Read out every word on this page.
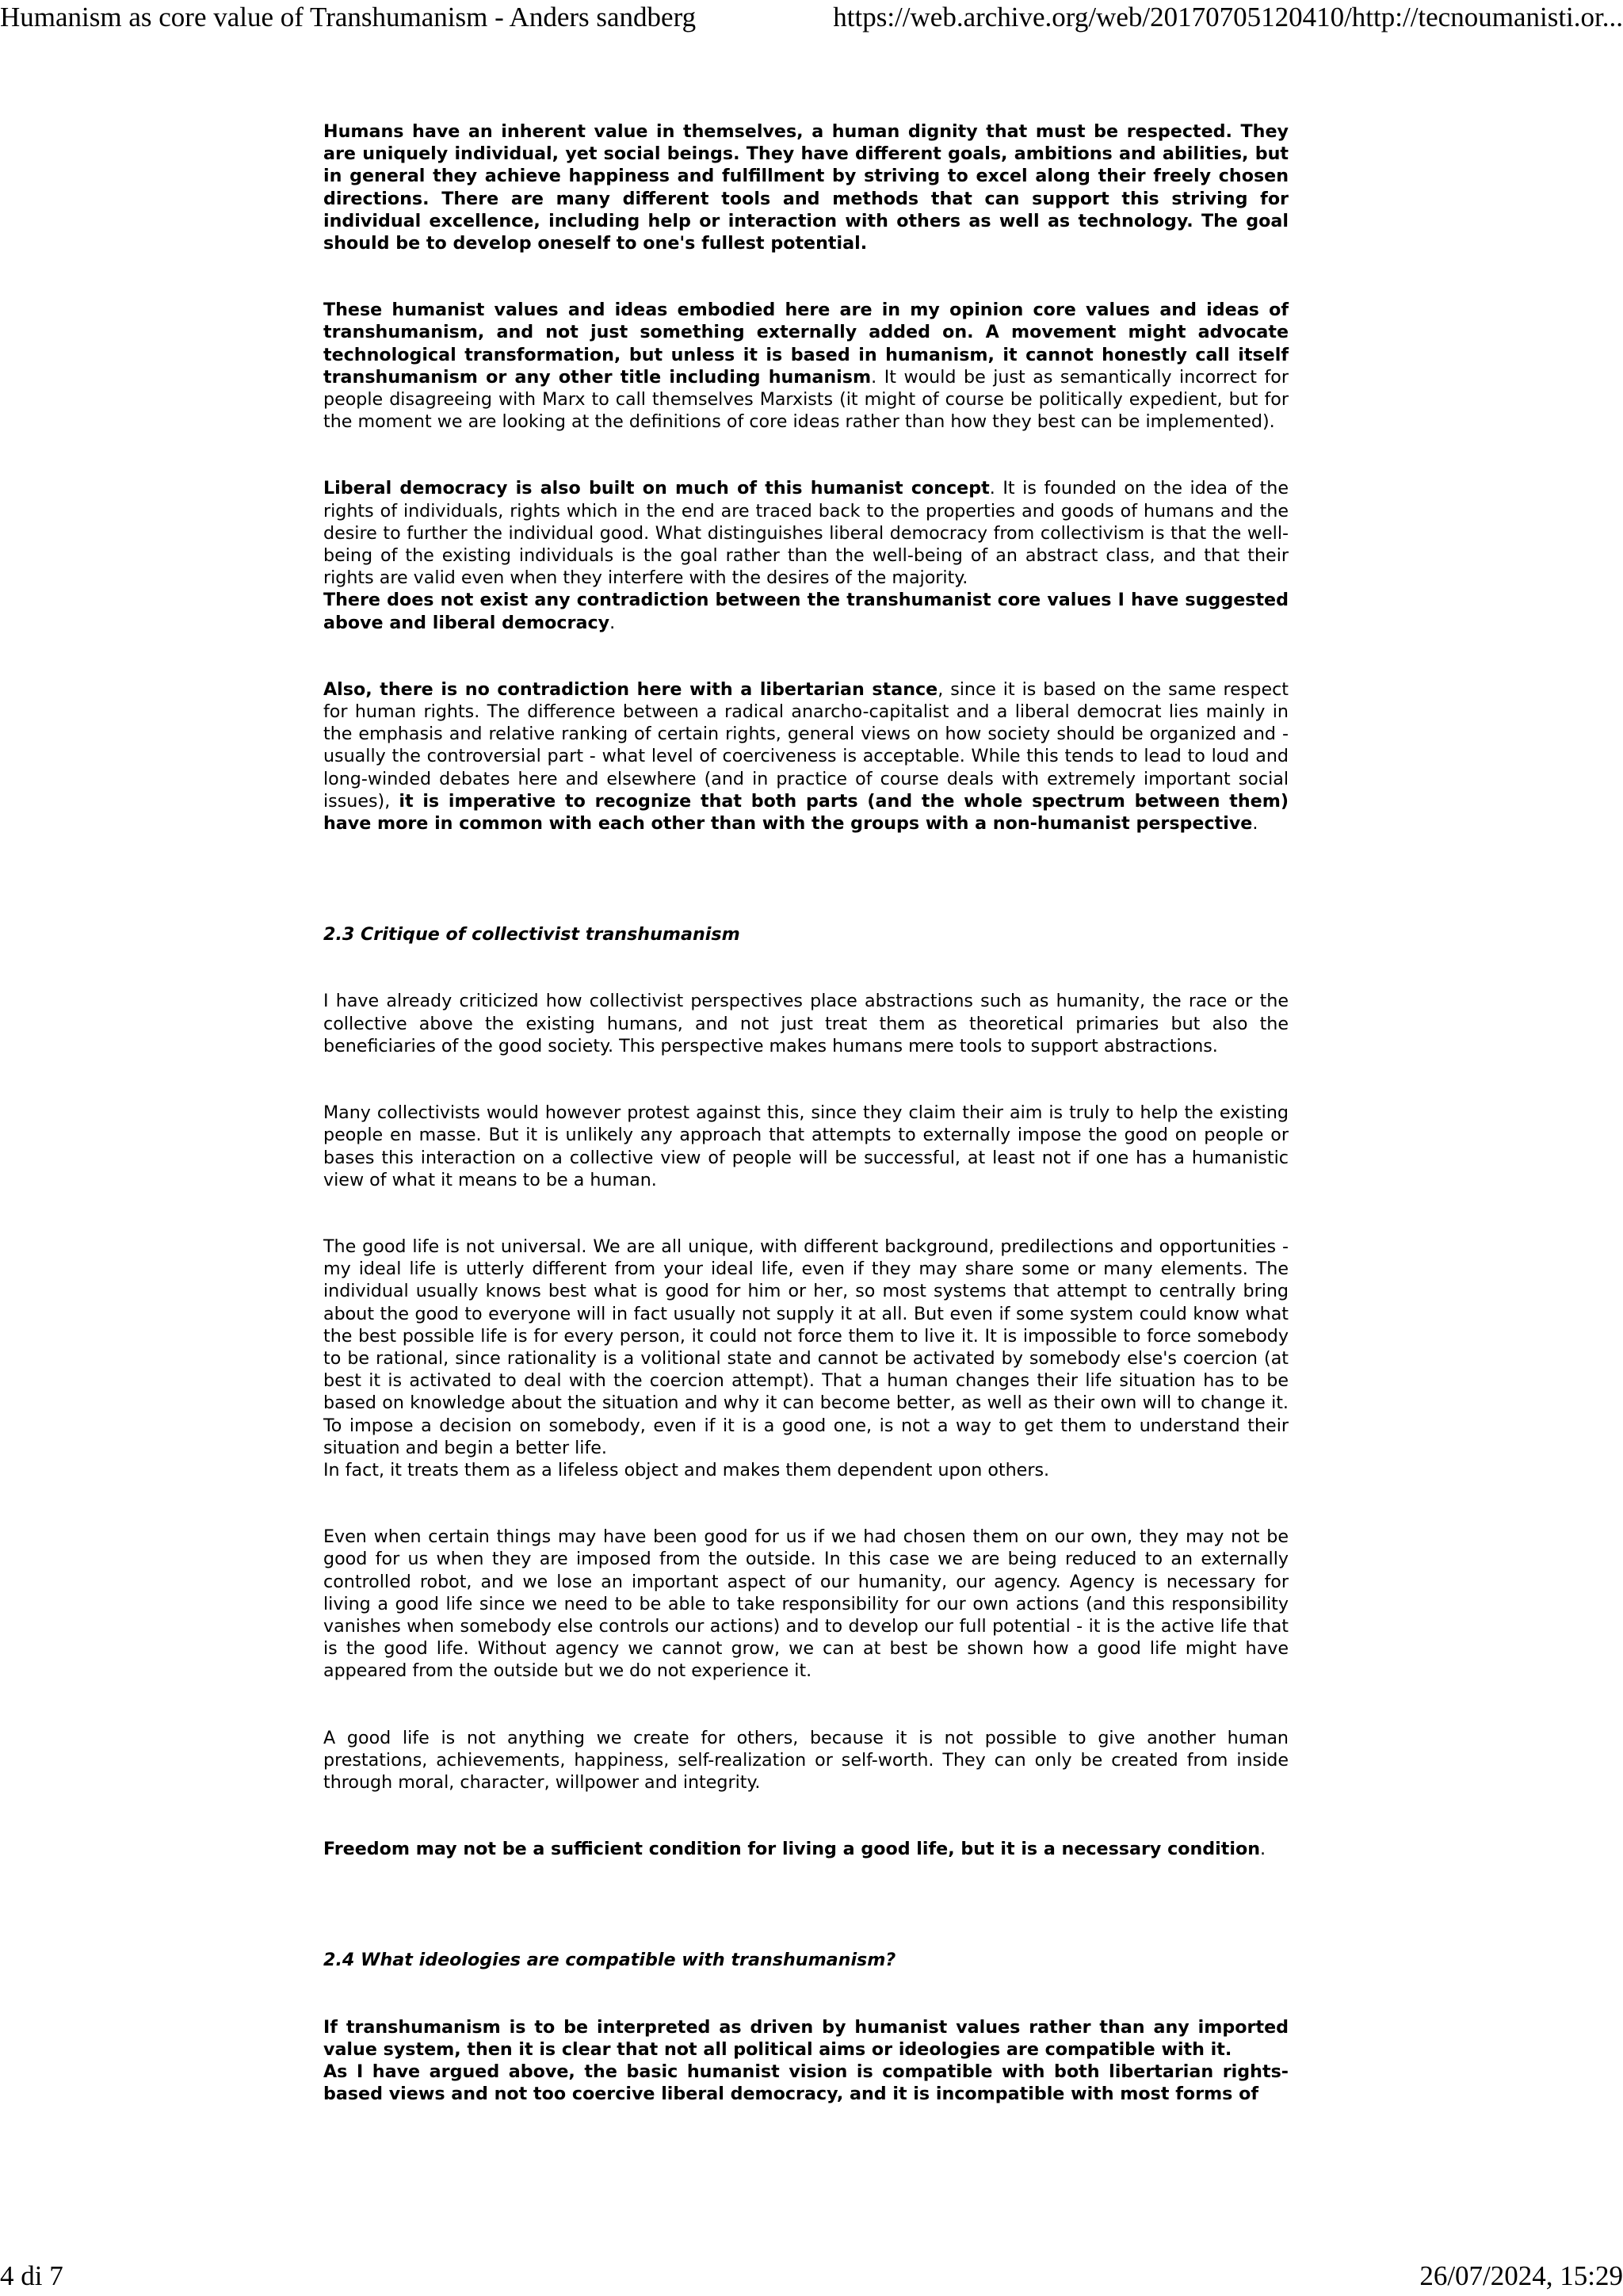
Humanism as core value of Transhumanism - Anders sandberg	https://web.archive.org/web/20170705120410/http://tecnoumanisti.or...

Humans have an inherent value in themselves, a human dignity that must be respected. They are uniquely individual, yet social beings. They have different goals, ambitions and abilities, but in general they achieve happiness and fulfillment by striving to excel along their freely chosen directions. There are many different tools and methods that can support this striving for individual excellence, including help or interaction with others as well as technology. The goal should be to develop oneself to one's fullest potential.

These humanist values and ideas embodied here are in my opinion core values and ideas of transhumanism, and not just something externally added on. A movement might advocate technological transformation, but unless it is based in humanism, it cannot honestly call itself transhumanism or any other title including humanism. It would be just as semantically incorrect for people disagreeing with Marx to call themselves Marxists (it might of course be politically expedient, but for the moment we are looking at the definitions of core ideas rather than how they best can be implemented).

Liberal democracy is also built on much of this humanist concept. It is founded on the idea of the rights of individuals, rights which in the end are traced back to the properties and goods of humans and the desire to further the individual good. What distinguishes liberal democracy from collectivism is that the well-being of the existing individuals is the goal rather than the well-being of an abstract class, and that their rights are valid even when they interfere with the desires of the majority.
There does not exist any contradiction between the transhumanist core values I have suggested above and liberal democracy.

Also, there is no contradiction here with a libertarian stance, since it is based on the same respect for human rights. The difference between a radical anarcho-capitalist and a liberal democrat lies mainly in the emphasis and relative ranking of certain rights, general views on how society should be organized and - usually the controversial part - what level of coerciveness is acceptable. While this tends to lead to loud and long-winded debates here and elsewhere (and in practice of course deals with extremely important social issues), it is imperative to recognize that both parts (and the whole spectrum between them) have more in common with each other than with the groups with a non-humanist perspective.

2.3 Critique of collectivist transhumanism

I have already criticized how collectivist perspectives place abstractions such as humanity, the race or the collective above the existing humans, and not just treat them as theoretical primaries but also the beneficiaries of the good society. This perspective makes humans mere tools to support abstractions.

Many collectivists would however protest against this, since they claim their aim is truly to help the existing people en masse. But it is unlikely any approach that attempts to externally impose the good on people or bases this interaction on a collective view of people will be successful, at least not if one has a humanistic view of what it means to be a human.

The good life is not universal. We are all unique, with different background, predilections and opportunities - my ideal life is utterly different from your ideal life, even if they may share some or many elements. The individual usually knows best what is good for him or her, so most systems that attempt to centrally bring about the good to everyone will in fact usually not supply it at all. But even if some system could know what the best possible life is for every person, it could not force them to live it. It is impossible to force somebody to be rational, since rationality is a volitional state and cannot be activated by somebody else's coercion (at best it is activated to deal with the coercion attempt). That a human changes their life situation has to be based on knowledge about the situation and why it can become better, as well as their own will to change it. To impose a decision on somebody, even if it is a good one, is not a way to get them to understand their situation and begin a better life.
In fact, it treats them as a lifeless object and makes them dependent upon others.

Even when certain things may have been good for us if we had chosen them on our own, they may not be good for us when they are imposed from the outside. In this case we are being reduced to an externally controlled robot, and we lose an important aspect of our humanity, our agency. Agency is necessary for living a good life since we need to be able to take responsibility for our own actions (and this responsibility vanishes when somebody else controls our actions) and to develop our full potential - it is the active life that is the good life. Without agency we cannot grow, we can at best be shown how a good life might have appeared from the outside but we do not experience it.

A good life is not anything we create for others, because it is not possible to give another human prestations, achievements, happiness, self-realization or self-worth. They can only be created from inside through moral, character, willpower and integrity.

Freedom may not be a sufficient condition for living a good life, but it is a necessary condition.

2.4 What ideologies are compatible with transhumanism?

If transhumanism is to be interpreted as driven by humanist values rather than any imported value system, then it is clear that not all political aims or ideologies are compatible with it.
As I have argued above, the basic humanist vision is compatible with both libertarian rights-based views and not too coercive liberal democracy, and it is incompatible with most forms of

4 di 7	26/07/2024, 15:29
